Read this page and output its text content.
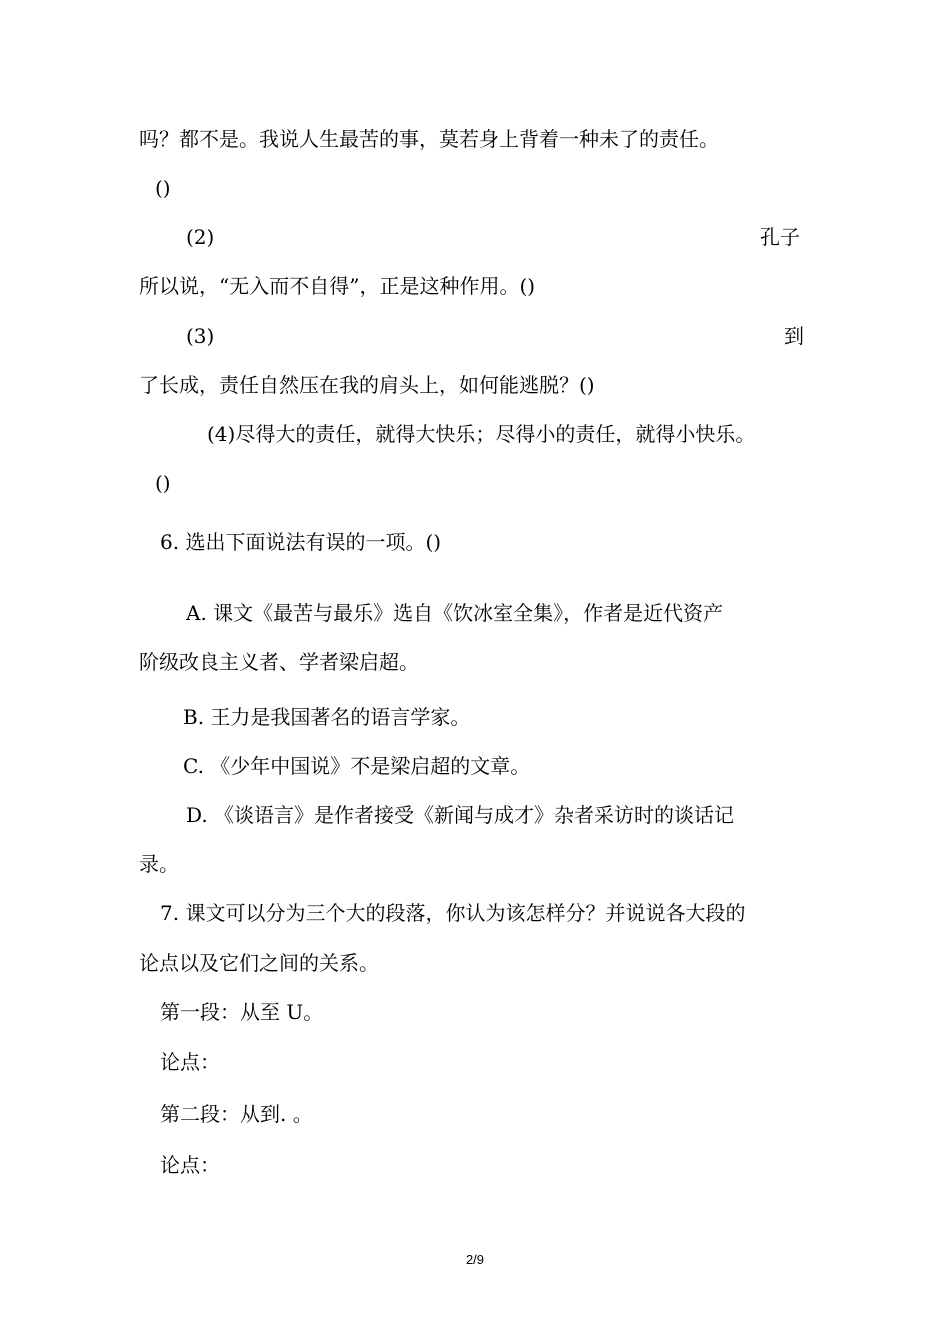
吗？都不是。我说人生最苦的事，莫若身上背着一种未了的责任。
()
(2)	孔子
所以说，“无入而不自得”，正是这种作用。()
(3)	到
了长成，责任自然压在我的肩头上，如何能逃脱？()
(4)尽得大的责任，就得大快乐；尽得小的责任，就得小快乐。
()
6. 选出下面说法有误的一项。()
A. 课文《最苦与最乐》选自《饮冰室全集》，作者是近代资产
阶级改良主义者、学者梁启超。
B. 王力是我国著名的语言学家。
C. 《少年中国说》不是梁启超的文章。
D. 《谈语言》是作者接受《新闻与成才》杂者采访时的谈话记
录。
7. 课文可以分为三个大的段落，你认为该怎样分？并说说各大段的
论点以及它们之间的关系。
第一段：从至 U。
论点：
第二段：从到. 。
论点：
2/9
